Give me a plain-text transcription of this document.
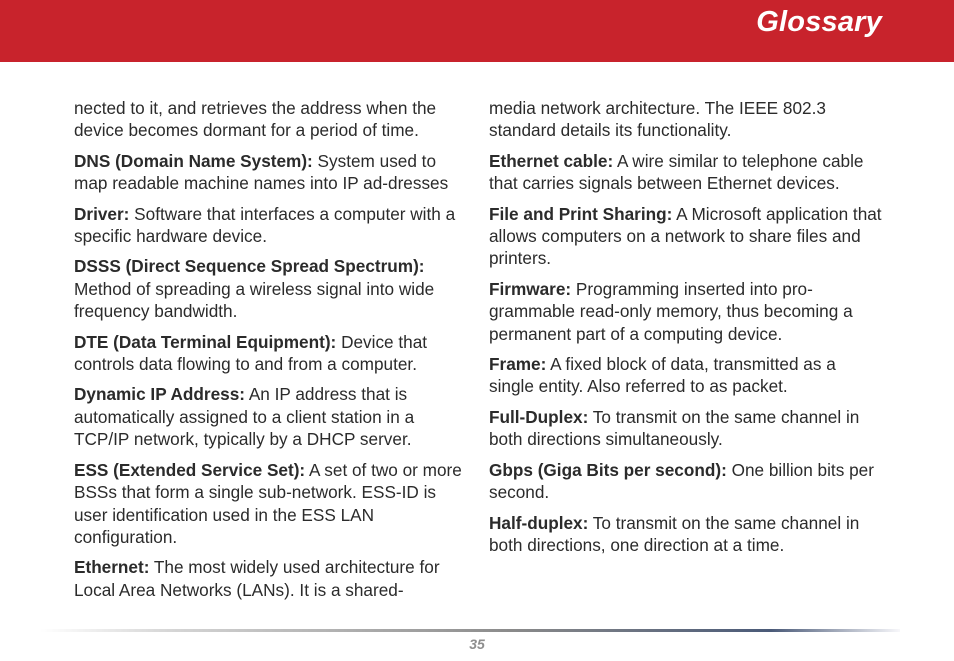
Glossary

nected to it, and retrieves the address when the device becomes dormant for a period of time.

DNS (Domain Name System): System used to map readable machine names into IP ad-dresses

Driver: Software that interfaces a computer with a specific hardware device.

DSSS (Direct Sequence Spread Spectrum): Method of spreading a wireless signal into wide frequency bandwidth.

DTE (Data Terminal Equipment): Device that controls data flowing to and from a computer.

Dynamic IP Address: An IP address that is automatically assigned to a client station in a TCP/IP network, typically by a DHCP server.

ESS (Extended Service Set): A set of two or more BSSs that form a single sub-network. ESS-ID is user identification used in the ESS LAN configuration.

Ethernet: The most widely used architecture for Local Area Networks (LANs). It is a shared-

media network architecture. The IEEE 802.3 standard details its functionality.

Ethernet cable: A wire similar to telephone cable that carries signals between Ethernet devices.

File and Print Sharing: A Microsoft application that allows computers on a network to share files and printers.

Firmware: Programming inserted into pro-grammable read-only memory, thus becoming a permanent part of a computing device.

Frame: A fixed block of data, transmitted as a single entity. Also referred to as packet.

Full-Duplex: To transmit on the same channel in both directions simultaneously.

Gbps (Giga Bits per second): One billion bits per second.

Half-duplex: To transmit on the same channel in both directions, one direction at a time.

35
